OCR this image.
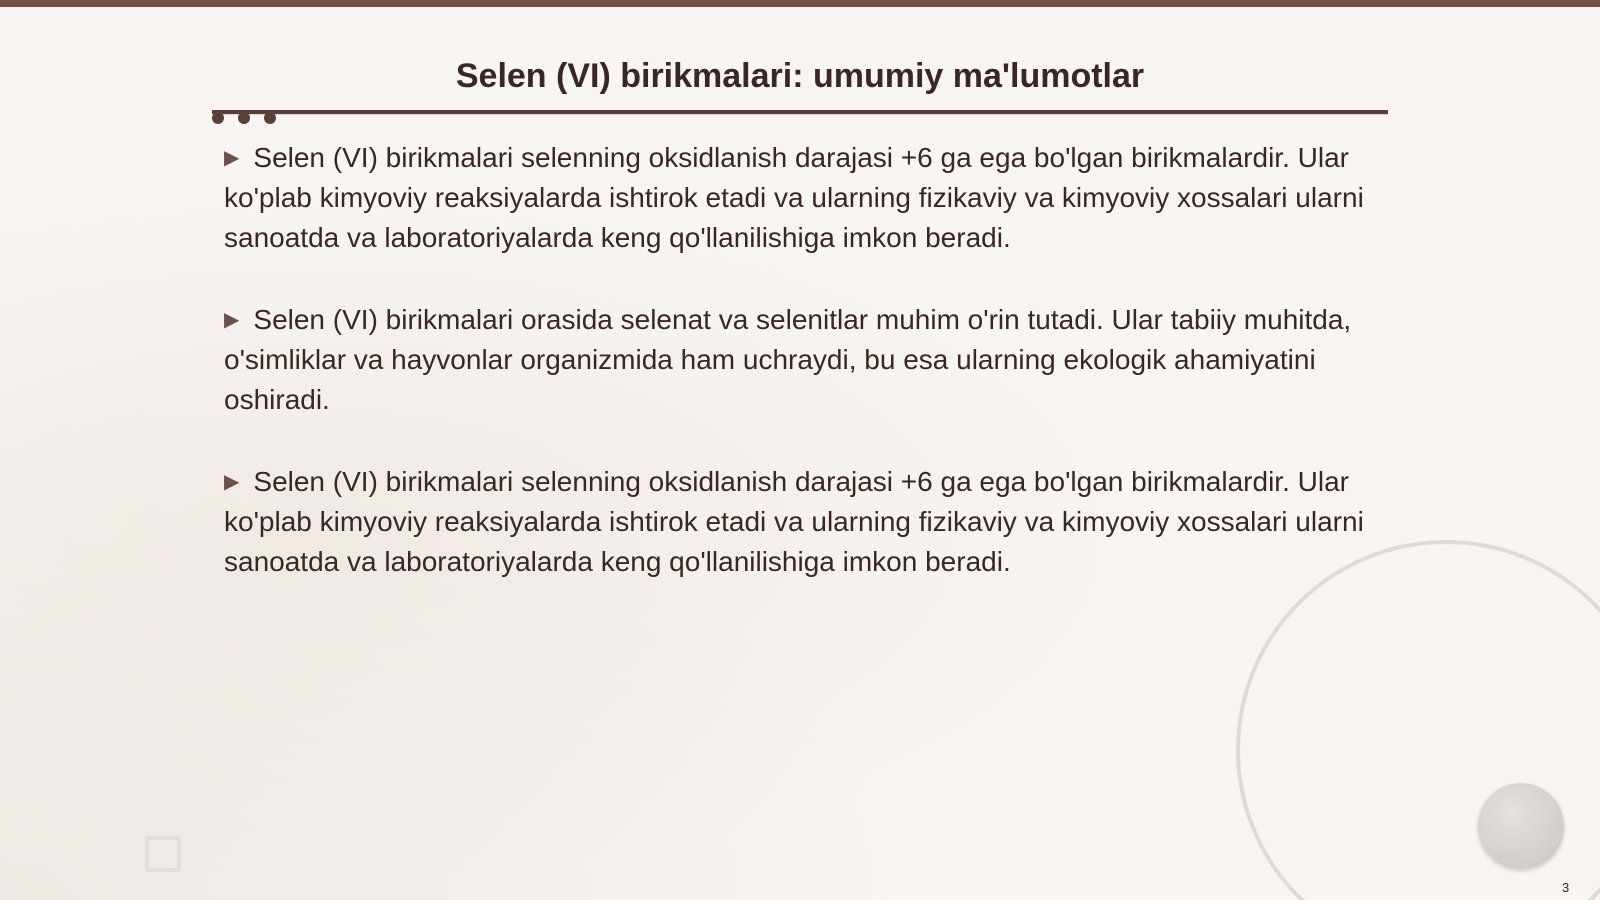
Selen (VI) birikmalari: umumiy ma'lumotlar

▶ Selen (VI) birikmalari selenning oksidlanish darajasi +6 ga ega bo'lgan birikmalardir. Ular ko'plab kimyoviy reaksiyalarda ishtirok etadi va ularning fizikaviy va kimyoviy xossalari ularni sanoatda va laboratoriyalarda keng qo'llanilishiga imkon beradi.

▶ Selen (VI) birikmalari orasida selenat va selenitlar muhim o'rin tutadi. Ular tabiiy muhitda, o'simliklar va hayvonlar organizmida ham uchraydi, bu esa ularning ekologik ahamiyatini oshiradi.

▶ Selen (VI) birikmalari selenning oksidlanish darajasi +6 ga ega bo'lgan birikmalardir. Ular ko'plab kimyoviy reaksiyalarda ishtirok etadi va ularning fizikaviy va kimyoviy xossalari ularni sanoatda va laboratoriyalarda keng qo'llanilishiga imkon beradi.

3
